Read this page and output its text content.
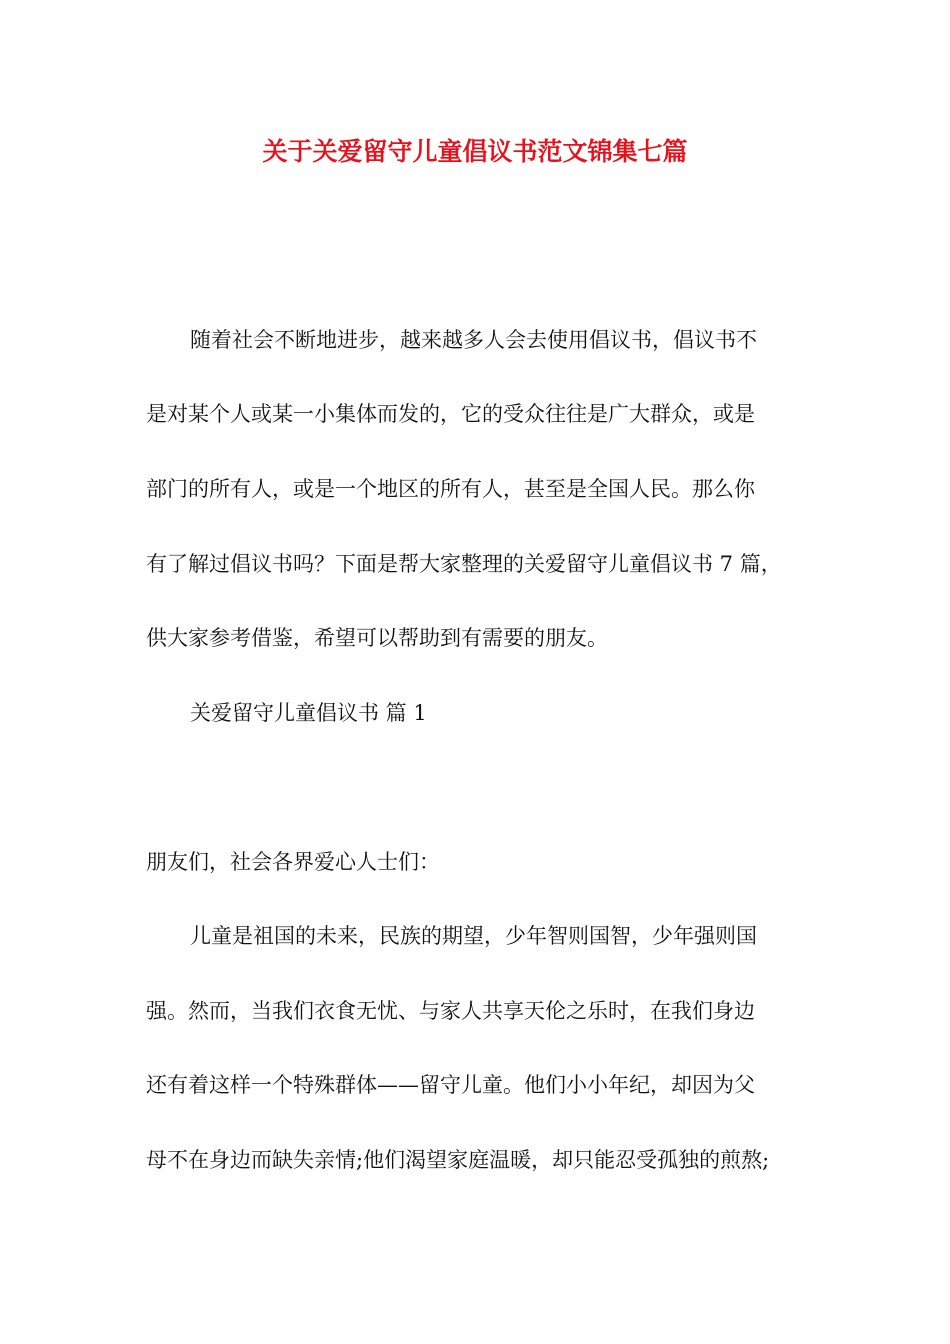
关于关爱留守儿童倡议书范文锦集七篇

随着社会不断地进步，越来越多人会去使用倡议书，倡议书不

是对某个人或某一小集体而发的，它的受众往往是广大群众，或是

部门的所有人，或是一个地区的所有人，甚至是全国人民。那么你

有了解过倡议书吗？下面是帮大家整理的关爱留守儿童倡议书 7 篇，

供大家参考借鉴，希望可以帮助到有需要的朋友。

关爱留守儿童倡议书 篇 1

朋友们，社会各界爱心人士们：

儿童是祖国的未来，民族的期望，少年智则国智，少年强则国

强。然而，当我们衣食无忧、与家人共享天伦之乐时，在我们身边

还有着这样一个特殊群体——留守儿童。他们小小年纪，却因为父

母不在身边而缺失亲情;他们渴望家庭温暖，却只能忍受孤独的煎熬;
